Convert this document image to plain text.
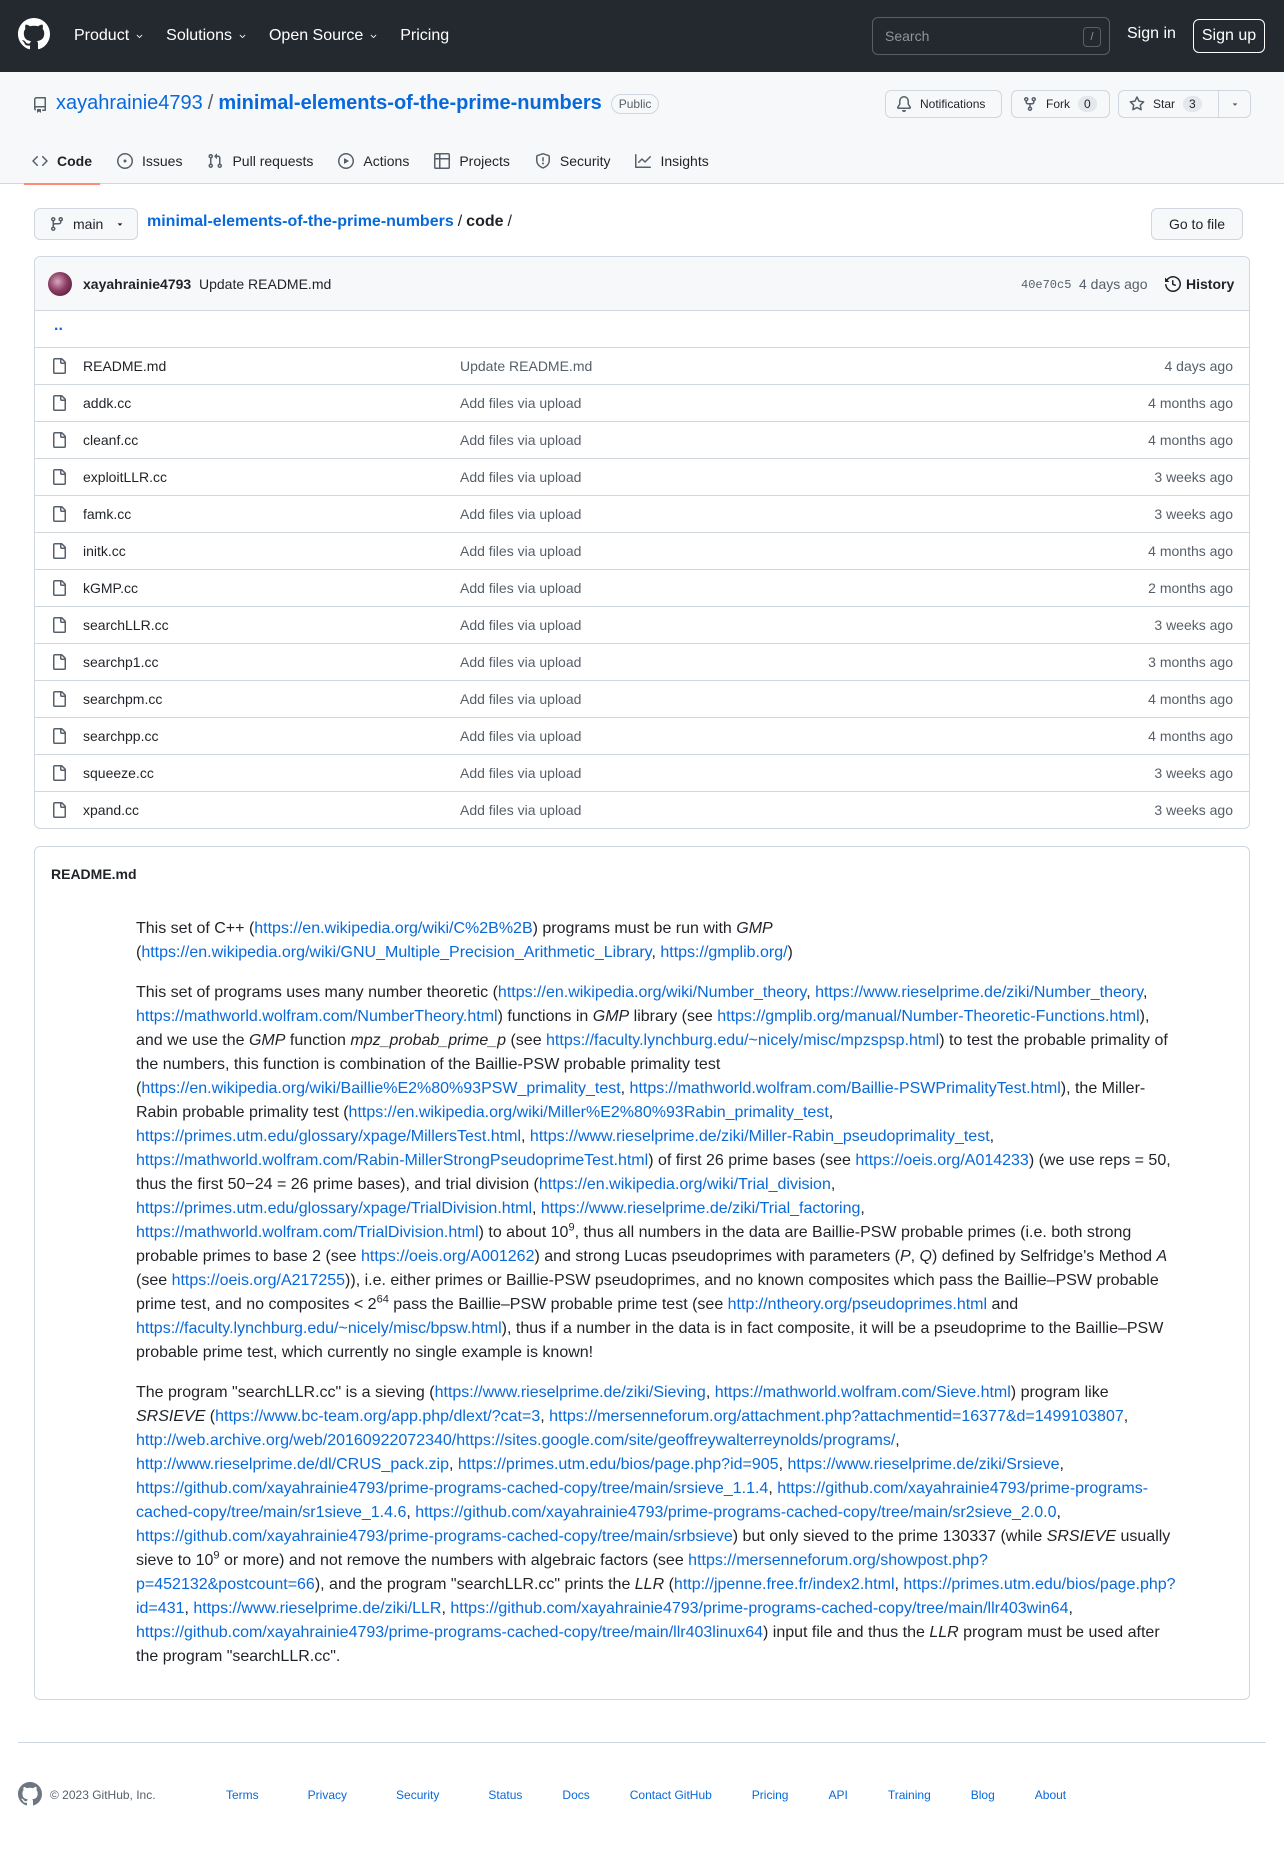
Product Solutions Open Source Pricing	Search	/	Sign in	Sign up
xayahrainie4793 / minimal-elements-of-the-prime-numbers	Public	Notifications	Fork	0	Star	3
Code	Issues	Pull requests	Actions	Projects	Security	Insights
main	minimal-elements-of-the-prime-numbers / code /	Go to file
xayahrainie4793 Update README.md	40e70c5 4 days ago	History
..
README.md	Update README.md	4 days ago
addk.cc	Add files via upload	4 months ago
cleanf.cc	Add files via upload	4 months ago
exploitLLR.cc	Add files via upload	3 weeks ago
famk.cc	Add files via upload	3 weeks ago
initk.cc	Add files via upload	4 months ago
kGMP.cc	Add files via upload	2 months ago
searchLLR.cc	Add files via upload	3 weeks ago
searchp1.cc	Add files via upload	3 months ago
searchpm.cc	Add files via upload	4 months ago
searchpp.cc	Add files via upload	4 months ago
squeeze.cc	Add files via upload	3 weeks ago
xpand.cc	Add files via upload	3 weeks ago
README.md

This set of C++ (https://en.wikipedia.org/wiki/C%2B%2B) programs must be run with GMP (https://en.wikipedia.org/wiki/GNU_Multiple_Precision_Arithmetic_Library, https://gmplib.org/)

This set of programs uses many number theoretic (https://en.wikipedia.org/wiki/Number_theory, https://www.rieselprime.de/ziki/Number_theory, https://mathworld.wolfram.com/NumberTheory.html) functions in GMP library (see https://gmplib.org/manual/Number-Theoretic-Functions.html), and we use the GMP function mpz_probab_prime_p (see https://faculty.lynchburg.edu/~nicely/misc/mpzspsp.html) to test the probable primality of the numbers, this function is combination of the Baillie-PSW probable primality test (https://en.wikipedia.org/wiki/Baillie%E2%80%93PSW_primality_test, https://mathworld.wolfram.com/Baillie-PSWPrimalityTest.html), the Miller-Rabin probable primality test (https://en.wikipedia.org/wiki/Miller%E2%80%93Rabin_primality_test, https://primes.utm.edu/glossary/xpage/MillersTest.html, https://www.rieselprime.de/ziki/Miller-Rabin_pseudoprimality_test, https://mathworld.wolfram.com/Rabin-MillerStrongPseudoprimeTest.html) of first 26 prime bases (see https://oeis.org/A014233) (we use reps = 50, thus the first 50−24 = 26 prime bases), and trial division (https://en.wikipedia.org/wiki/Trial_division, https://primes.utm.edu/glossary/xpage/TrialDivision.html, https://www.rieselprime.de/ziki/Trial_factoring, https://mathworld.wolfram.com/TrialDivision.html) to about $10^9$, thus all numbers in the data are Baillie-PSW probable primes (i.e. both strong probable primes to base 2 (see https://oeis.org/A001262) and strong Lucas pseudoprimes with parameters (P, Q) defined by Selfridge's Method A (see https://oeis.org/A217255)), i.e. either primes or Baillie-PSW pseudoprimes, and no known composites which pass the Baillie–PSW probable prime test, and no composites < $2^{64}$ pass the Baillie–PSW probable prime test (see http://ntheory.org/pseudoprimes.html and https://faculty.lynchburg.edu/~nicely/misc/bpsw.html), thus if a number in the data is in fact composite, it will be a pseudoprime to the Baillie–PSW probable prime test, which currently no single example is known!

The program "searchLLR.cc" is a sieving (https://www.rieselprime.de/ziki/Sieving, https://mathworld.wolfram.com/Sieve.html) program like SRSIEVE (https://www.bc-team.org/app.php/dlext/?cat=3, https://mersenneforum.org/attachment.php?attachmentid=16377&d=1499103807, http://web.archive.org/web/20160922072340/https://sites.google.com/site/geoffreywalterreynolds/programs/, http://www.rieselprime.de/dl/CRUS_pack.zip, https://primes.utm.edu/bios/page.php?id=905, https://www.rieselprime.de/ziki/Srsieve, https://github.com/xayahrainie4793/prime-programs-cached-copy/tree/main/srsieve_1.1.4, https://github.com/xayahrainie4793/prime-programs-cached-copy/tree/main/sr1sieve_1.4.6, https://github.com/xayahrainie4793/prime-programs-cached-copy/tree/main/sr2sieve_2.0.0, https://github.com/xayahrainie4793/prime-programs-cached-copy/tree/main/srbsieve) but only sieved to the prime 130337 (while SRSIEVE usually sieve to $10^9$ or more) and not remove the numbers with algebraic factors (see https://mersenneforum.org/showpost.php?p=452132&postcount=66), and the program "searchLLR.cc" prints the LLR (http://jpenne.free.fr/index2.html, https://primes.utm.edu/bios/page.php?id=431, https://www.rieselprime.de/ziki/LLR, https://github.com/xayahrainie4793/prime-programs-cached-copy/tree/main/llr403win64, https://github.com/xayahrainie4793/prime-programs-cached-copy/tree/main/llr403linux64) input file and thus the LLR program must be used after the program "searchLLR.cc".

© 2023 GitHub, Inc.	Terms	Privacy	Security	Status	Docs	Contact GitHub	Pricing	API	Training	Blog	About
